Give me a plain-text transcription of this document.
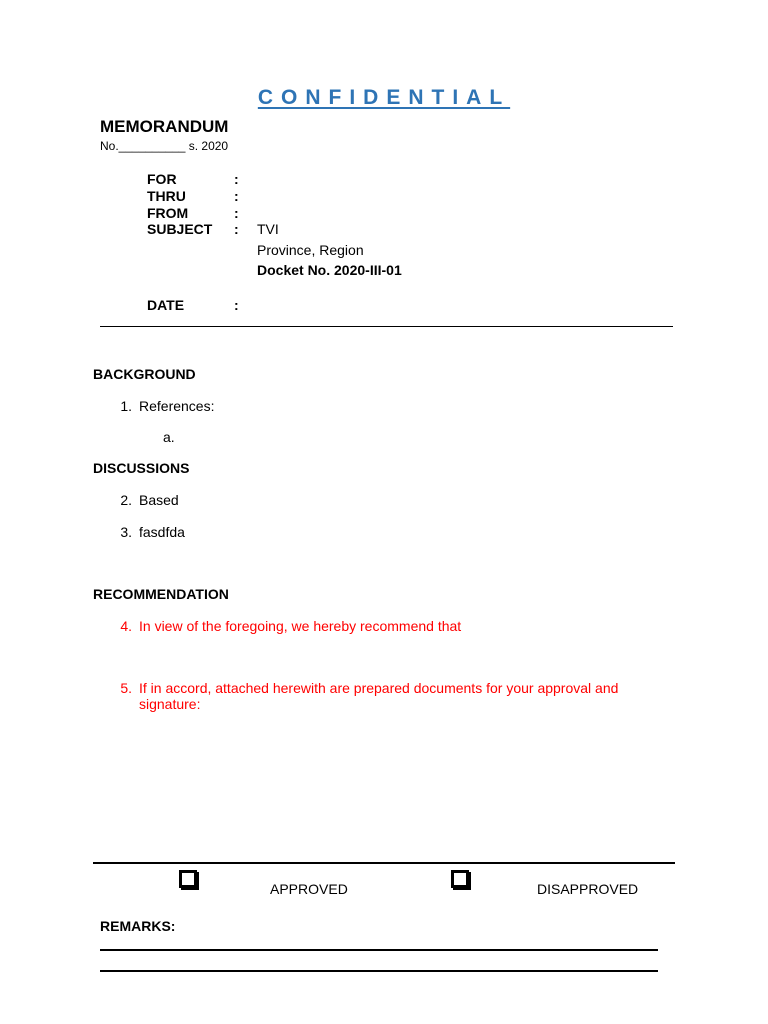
CONFIDENTIAL
MEMORANDUM
No.__________ s. 2020
FOR	:
THRU	:
FROM	:
SUBJECT	: TVI
Province, Region
Docket No. 2020-III-01
DATE	:
BACKGROUND
1. References:
a.
DISCUSSIONS
2. Based
3. fasdfda
RECOMMENDATION
4. In view of the foregoing, we hereby recommend that
5. If in accord, attached herewith are prepared documents for your approval and signature:
APPROVED	DISAPPROVED
REMARKS:
